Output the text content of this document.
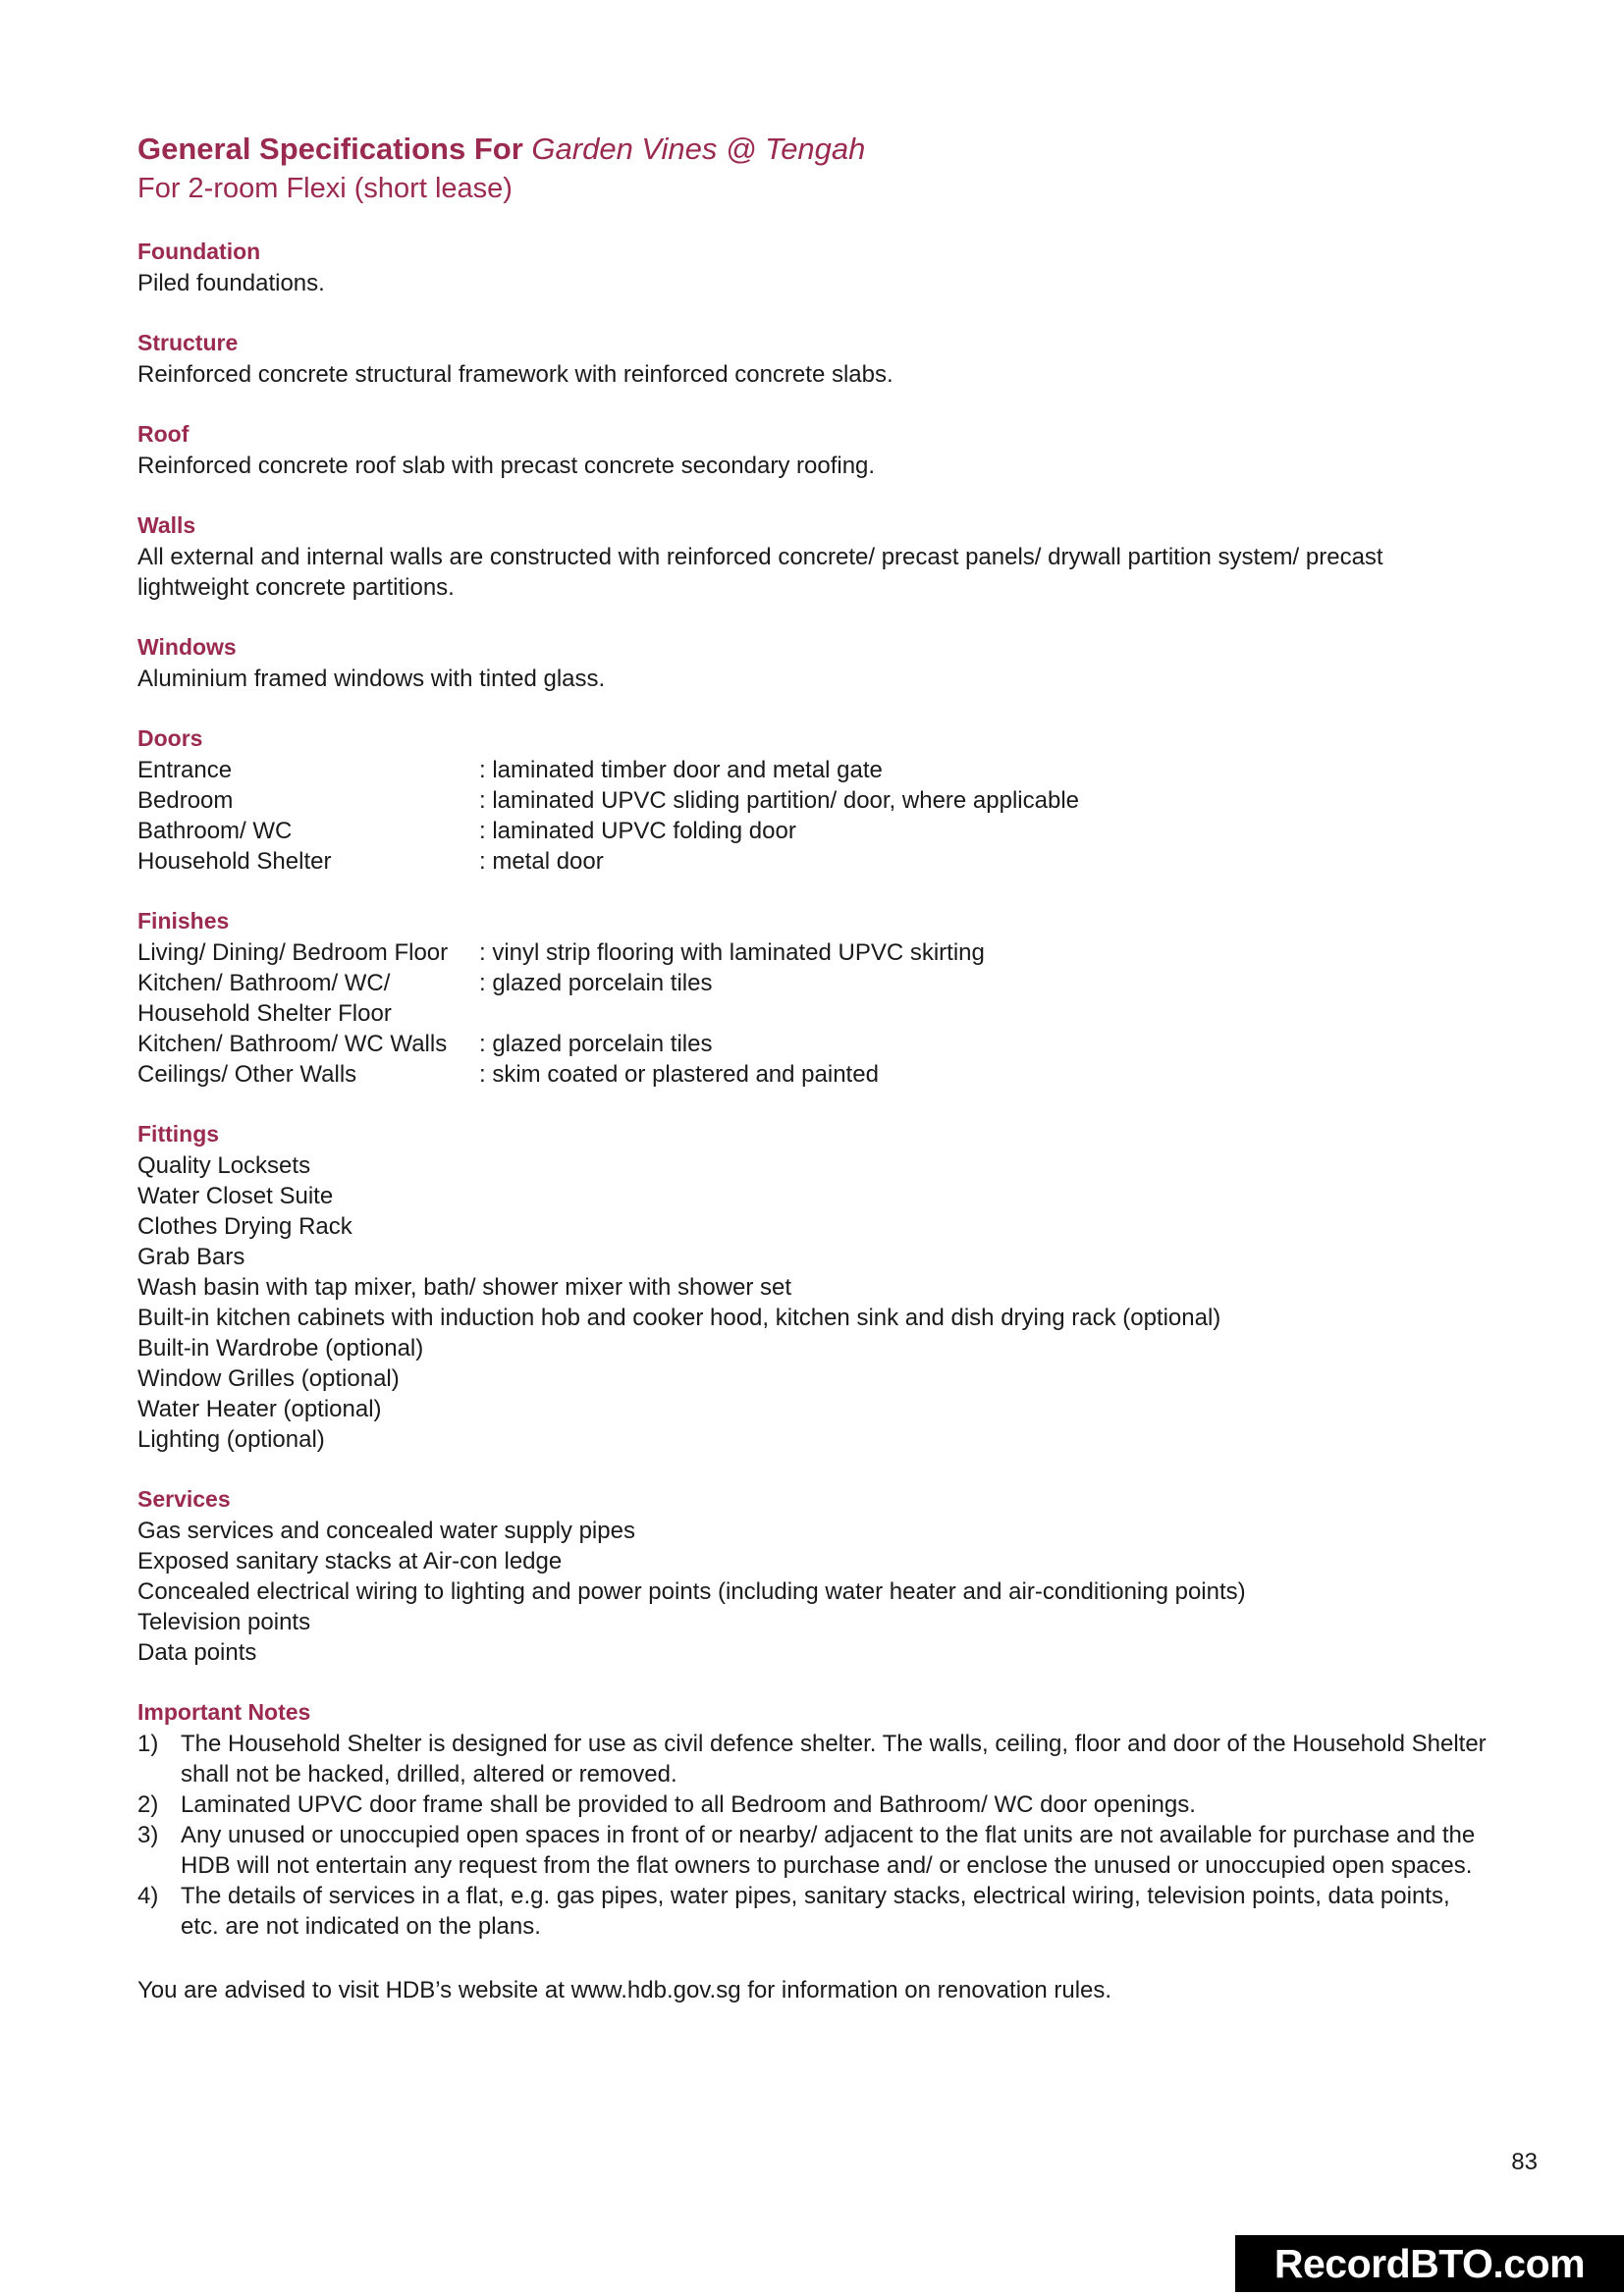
General Specifications For Garden Vines @ Tengah
For 2-room Flexi (short lease)
Foundation
Piled foundations.
Structure
Reinforced concrete structural framework with reinforced concrete slabs.
Roof
Reinforced concrete roof slab with precast concrete secondary roofing.
Walls
All external and internal walls are constructed with reinforced concrete/ precast panels/ drywall partition system/ precast lightweight concrete partitions.
Windows
Aluminium framed windows with tinted glass.
Doors
Entrance	: laminated timber door and metal gate
Bedroom	: laminated UPVC sliding partition/ door, where applicable
Bathroom/ WC	: laminated UPVC folding door
Household Shelter	: metal door
Finishes
Living/ Dining/ Bedroom Floor	: vinyl strip flooring with laminated UPVC skirting
Kitchen/ Bathroom/ WC/	: glazed porcelain tiles
Household Shelter Floor
Kitchen/ Bathroom/ WC Walls	: glazed porcelain tiles
Ceilings/ Other Walls	: skim coated or plastered and painted
Fittings
Quality Locksets
Water Closet Suite
Clothes Drying Rack
Grab Bars
Wash basin with tap mixer, bath/ shower mixer with shower set
Built-in kitchen cabinets with induction hob and cooker hood, kitchen sink and dish drying rack (optional)
Built-in Wardrobe (optional)
Window Grilles (optional)
Water Heater (optional)
Lighting (optional)
Services
Gas services and concealed water supply pipes
Exposed sanitary stacks at Air-con ledge
Concealed electrical wiring to lighting and power points (including water heater and air-conditioning points)
Television points
Data points
Important Notes
1) The Household Shelter is designed for use as civil defence shelter. The walls, ceiling, floor and door of the Household Shelter shall not be hacked, drilled, altered or removed.
2) Laminated UPVC door frame shall be provided to all Bedroom and Bathroom/ WC door openings.
3) Any unused or unoccupied open spaces in front of or nearby/ adjacent to the flat units are not available for purchase and the HDB will not entertain any request from the flat owners to purchase and/ or enclose the unused or unoccupied open spaces.
4) The details of services in a flat, e.g. gas pipes, water pipes, sanitary stacks, electrical wiring, television points, data points, etc. are not indicated on the plans.
You are advised to visit HDB’s website at www.hdb.gov.sg for information on renovation rules.
83
RecordBTO.com
